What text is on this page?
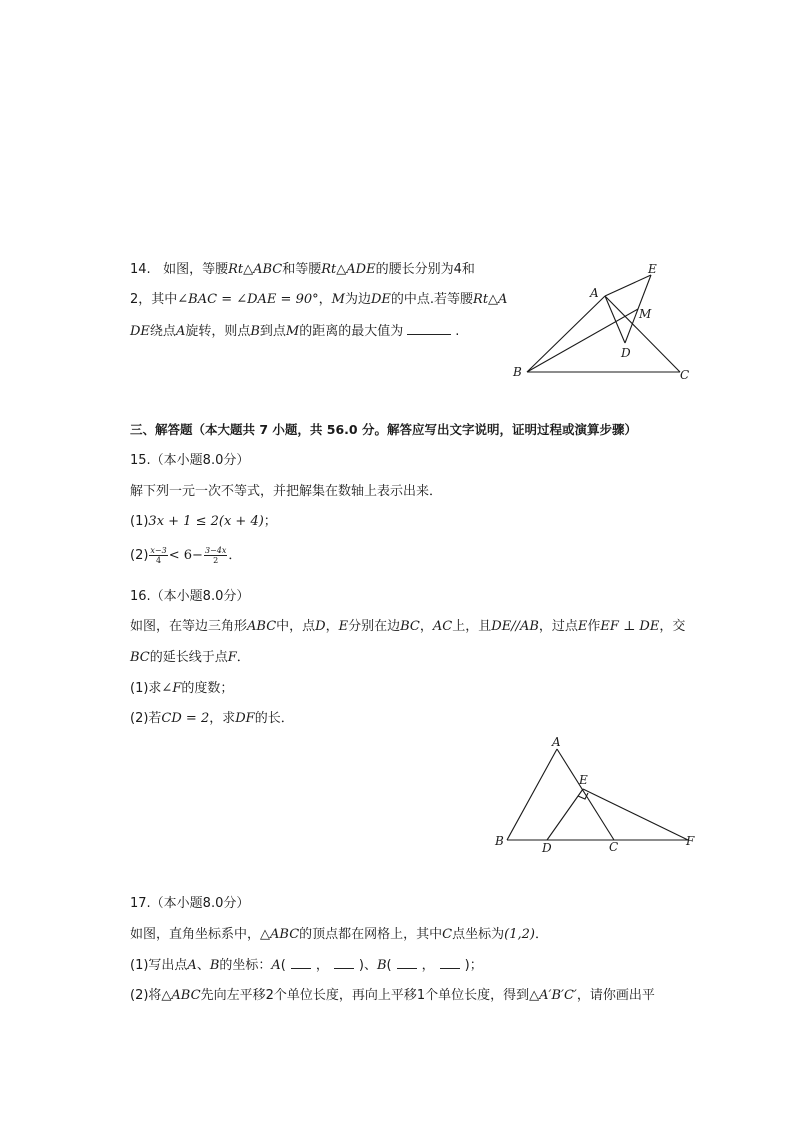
14. 如图，等腰Rt△ABC和等腰Rt△ADE的腰长分别为4和
2，其中∠BAC = ∠DAE = 90°，M为边DE的中点.若等腰Rt△A
DE绕点A旋转，则点B到点M的距离的最大值为	.
E
A
M
D
B	C
三、解答题（本大题共 7 小题，共 56.0 分。解答应写出文字说明，证明过程或演算步骤）
15.（本小题8.0分）
解下列一元一次不等式，并把解集在数轴上表示出来．
(1)3x + 1 ≤ 2(x + 4)；
$(2) \frac{x-3}{4} < 6- \frac{3-4x}{2}$ ．
16.（本小题8.0分）
如图，在等边三角形ABC中，点D，E分别在边BC，AC上，且DE//AB，过点E作EF ⊥ DE，交
BC的延长线于点F．
(1)求∠F的度数；
(2)若CD = 2，求DF的长．
A
E
B	D	C	F
17.（本小题8.0分）
如图，直角坐标系中，△ABC的顶点都在网格上，其中C点坐标为(1,2)．
(1)写出点A、B的坐标：A( ， )、B( ， )；
(2)将△ABC先向左平移2个单位长度，再向上平移1个单位长度，得到△A′B′C′，请你画出平
